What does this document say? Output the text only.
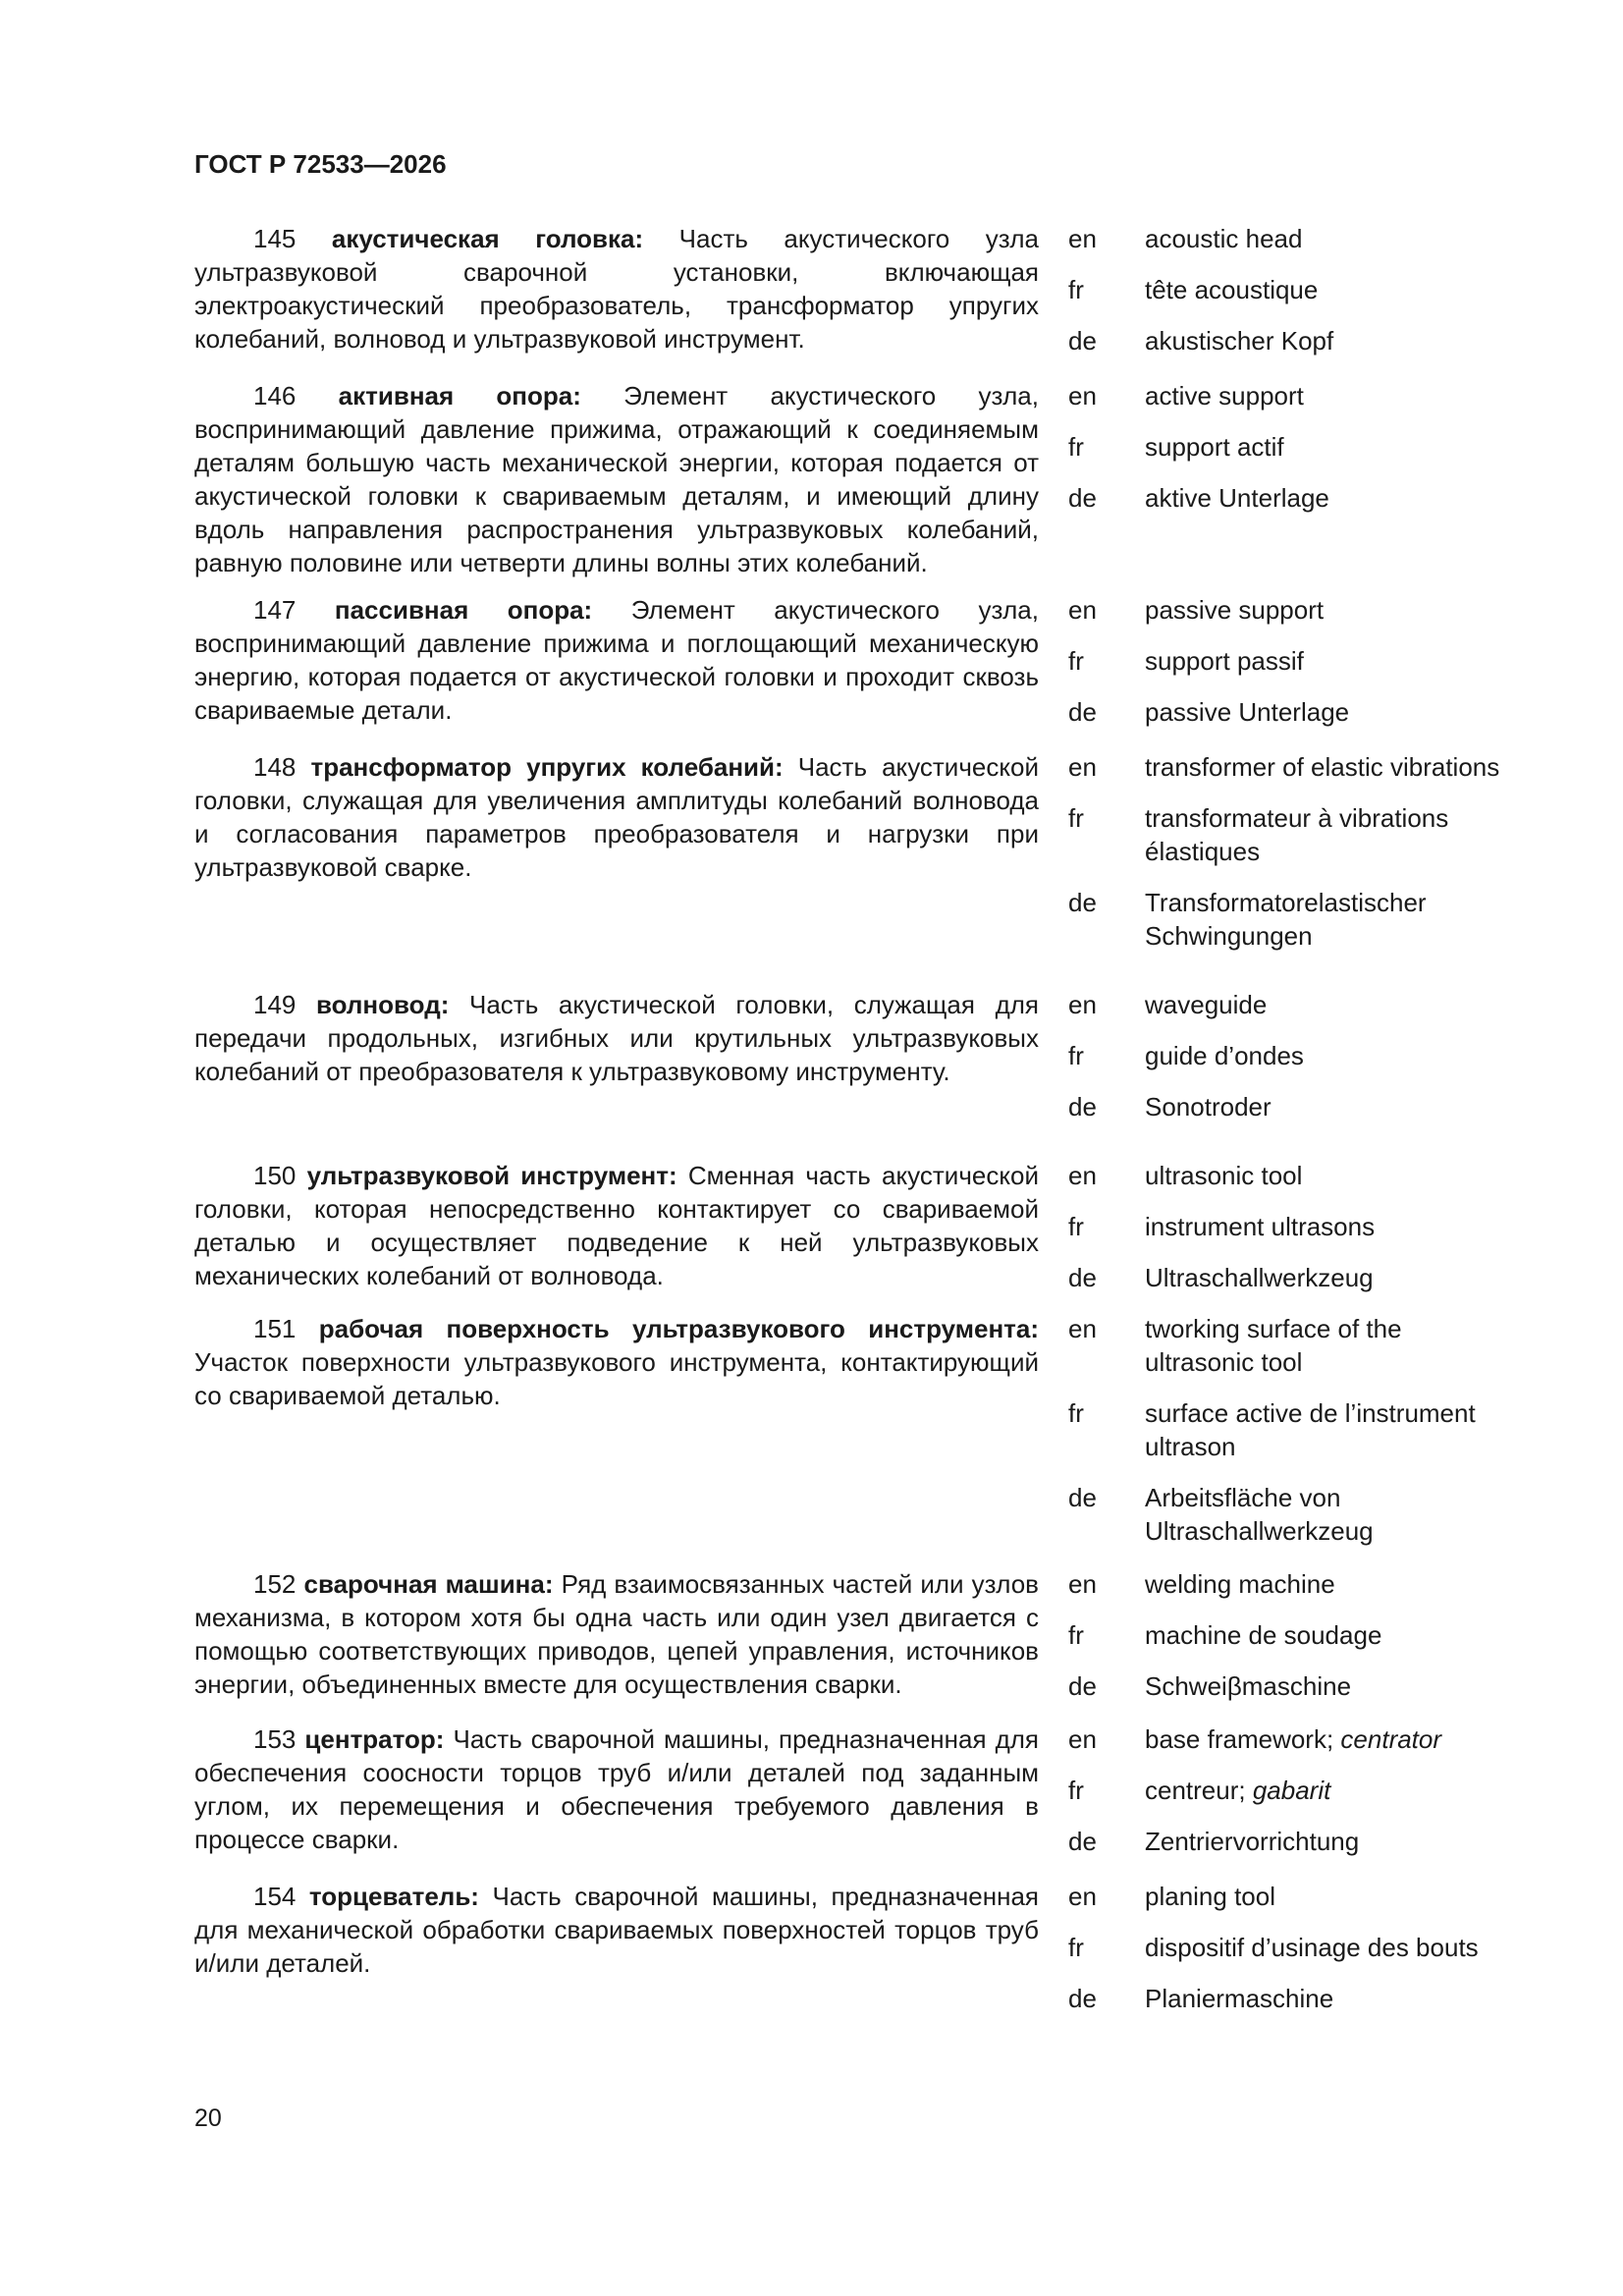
ГОСТ Р 72533—2026
145 акустическая головка: Часть акустического узла ультразвуковой сварочной установки, включающая электроакустический преобразователь, трансформатор упругих колебаний, волновод и ультразвуковой инструмент.
en	acoustic head
fr	tête acoustique
de	akustischer Kopf
146 активная опора: Элемент акустического узла, воспринимающий давление прижима, отражающий к соединяемым деталям большую часть механической энергии, которая подается от акустической головки к свариваемым деталям, и имеющий длину вдоль направления распространения ультразвуковых колебаний, равную половине или четверти длины волны этих колебаний.
en	active support
fr	support actif
de	aktive Unterlage
147 пассивная опора: Элемент акустического узла, воспринимающий давление прижима и поглощающий механическую энергию, которая подается от акустической головки и проходит сквозь свариваемые детали.
en	passive support
fr	support passif
de	passive Unterlage
148 трансформатор упругих колебаний: Часть акустической головки, служащая для увеличения амплитуды колебаний волновода и согласования параметров преобразователя и нагрузки при ультразвуковой сварке.
en	transformer of elastic vibrations
fr	transformateur à vibrations élastiques
de	Transformatorelastischer Schwingungen
149 волновод: Часть акустической головки, служащая для передачи продольных, изгибных или крутильных ультразвуковых колебаний от преобразователя к ультразвуковому инструменту.
en	waveguide
fr	guide d’ondes
de	Sonotroder
150 ультразвуковой инструмент: Сменная часть акустической головки, которая непосредственно контактирует со свариваемой деталью и осуществляет подведение к ней ультразвуковых механических колебаний от волновода.
en	ultrasonic tool
fr	instrument ultrasons
de	Ultraschallwerkzeug
151 рабочая поверхность ультразвукового инструмента: Участок поверхности ультразвукового инструмента, контактирующий со свариваемой деталью.
en	tworking surface of the ultrasonic tool
fr	surface active de l’instrument ultrason
de	Arbeitsfläche von Ultraschallwerkzeug
152 сварочная машина: Ряд взаимосвязанных частей или узлов механизма, в котором хотя бы одна часть или один узел двигается с помощью соответствующих приводов, цепей управления, источников энергии, объединенных вместе для осуществления сварки.
en	welding machine
fr	machine de soudage
de	Schweiβmaschine
153 центратор: Часть сварочной машины, предназначенная для обеспечения соосности торцов труб и/или деталей под заданным углом, их перемещения и обеспечения требуемого давления в процессе сварки.
en	base framework; centrator
fr	centreur; gabarit
de	Zentriervorrichtung
154 торцеватель: Часть сварочной машины, предназначенная для механической обработки свариваемых поверхностей торцов труб и/или деталей.
en	planing tool
fr	dispositif d’usinage des bouts
de	Planiermaschine
20
